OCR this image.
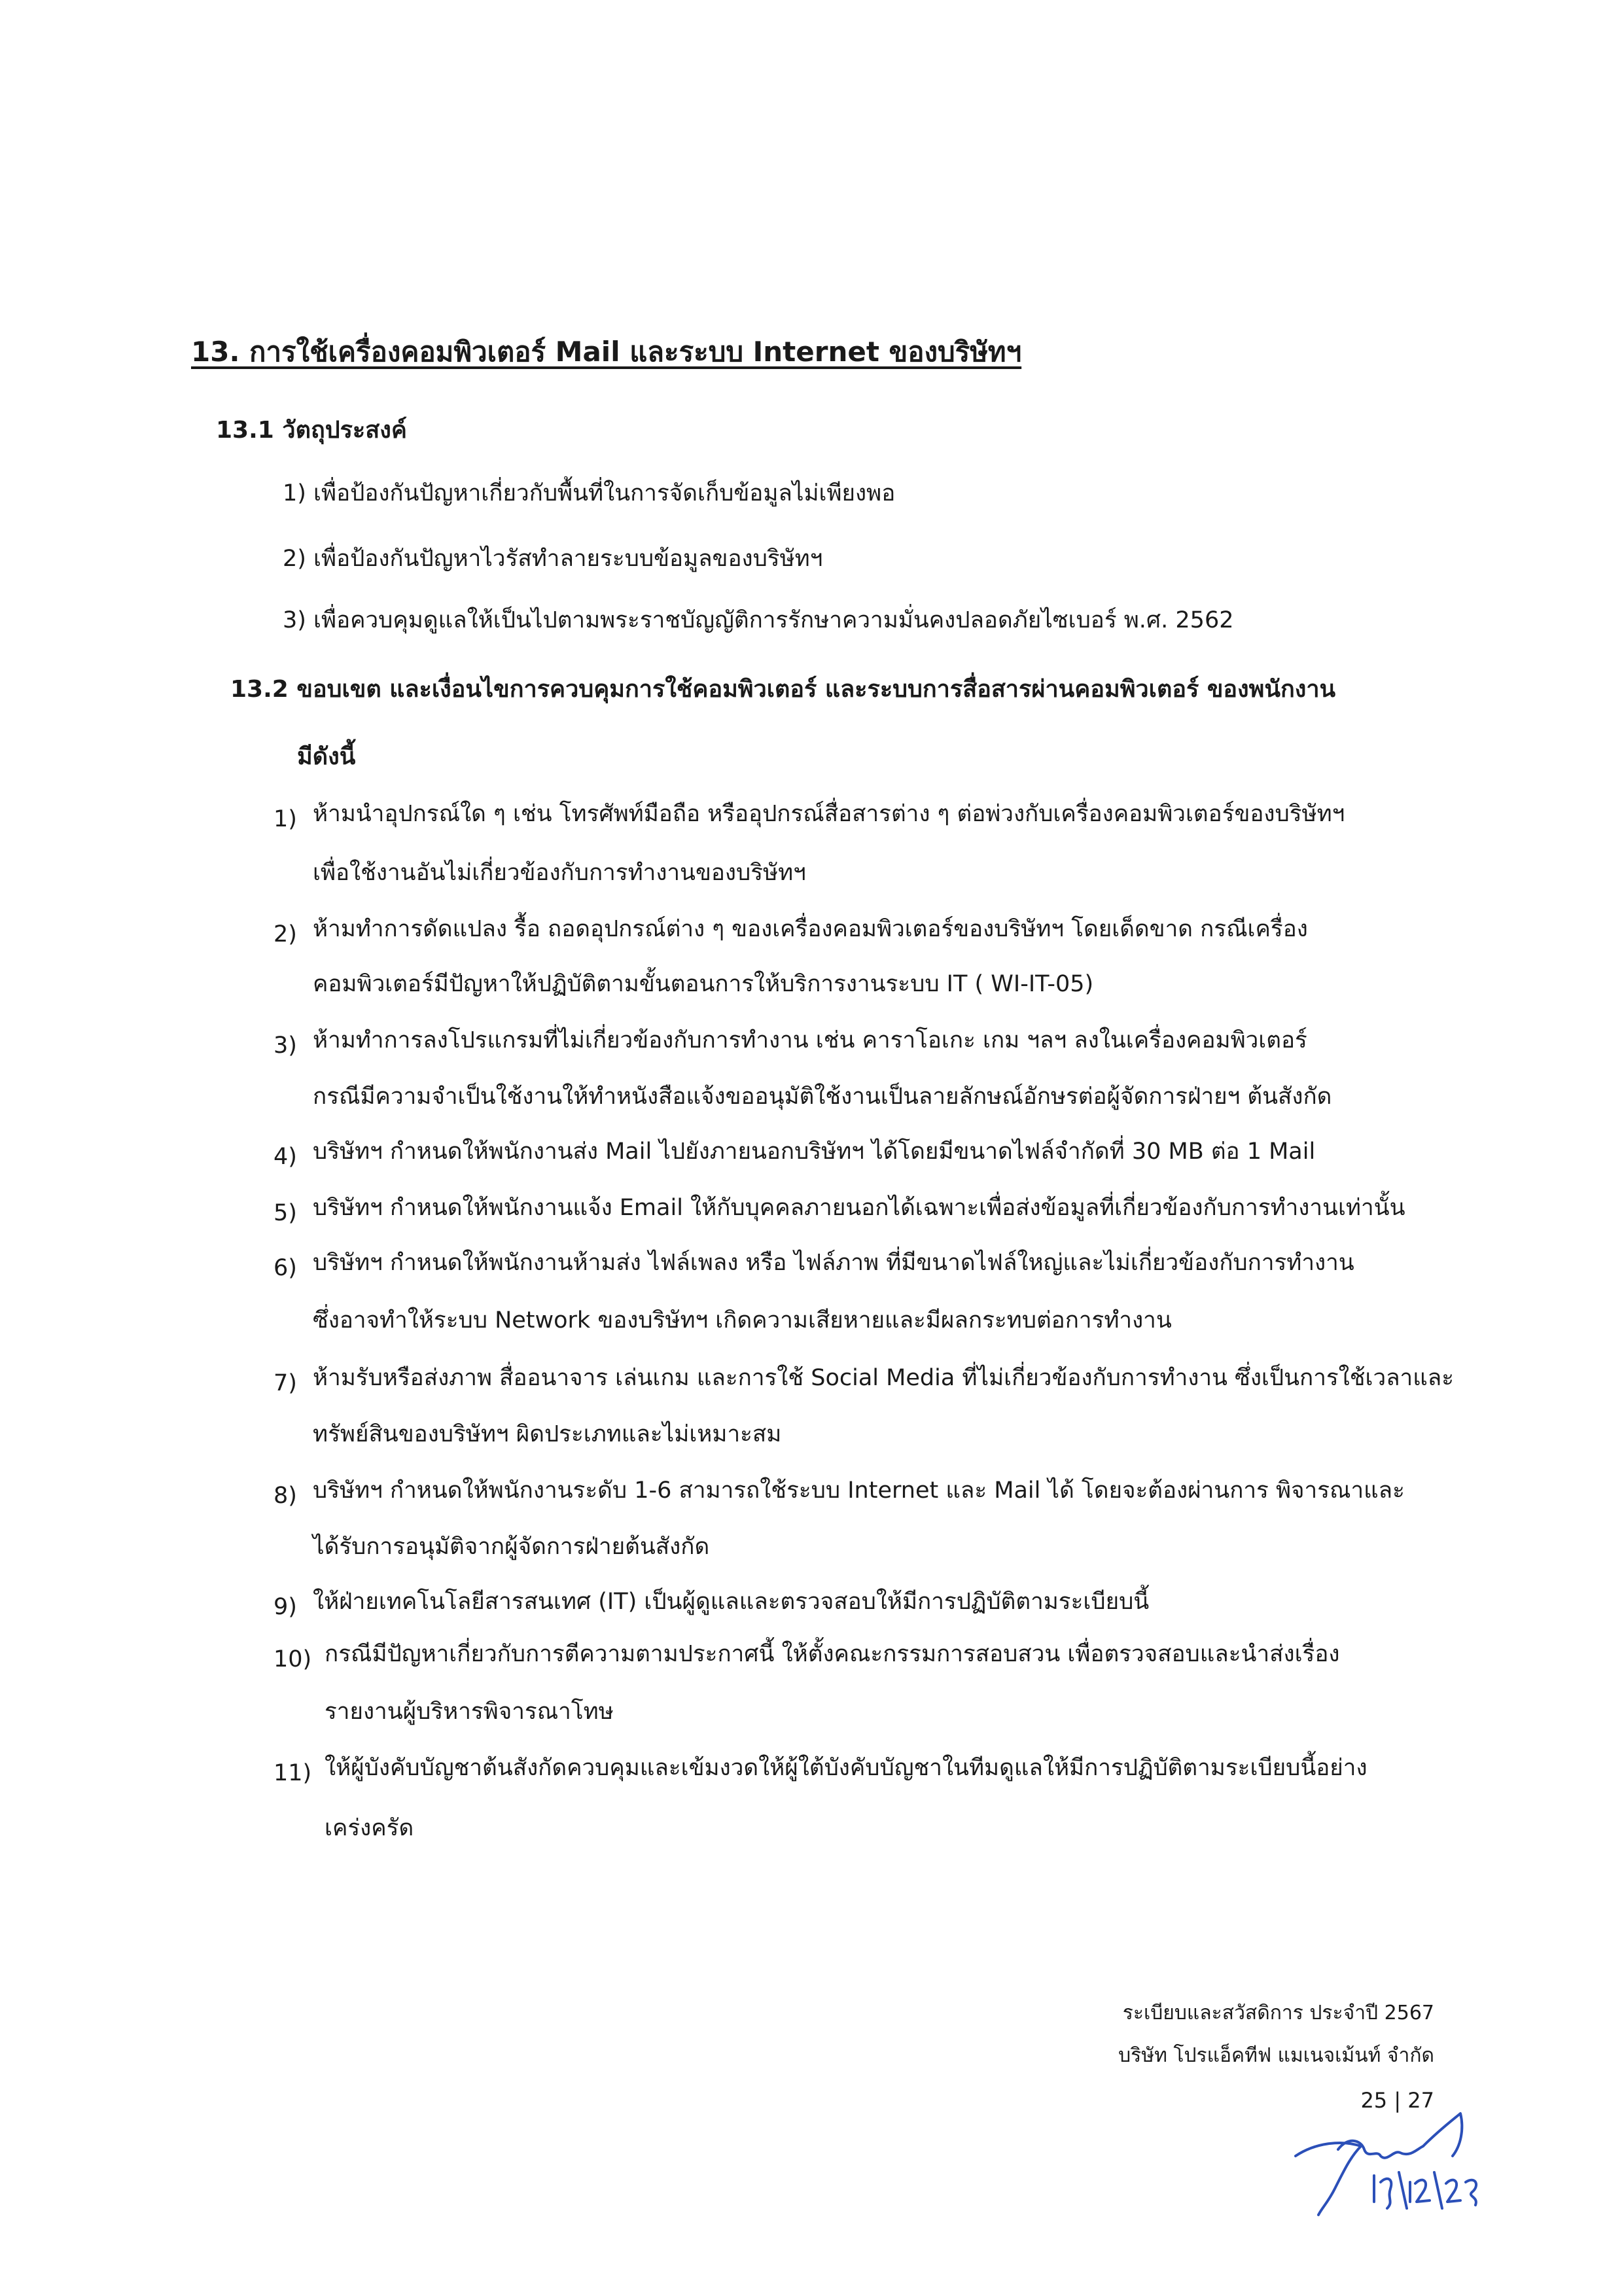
13. การใช้เครื่องคอมพิวเตอร์ Mail และระบบ Internet ของบริษัทฯ
13.1 วัตถุประสงค์
1) เพื่อป้องกันปัญหาเกี่ยวกับพื้นที่ในการจัดเก็บข้อมูลไม่เพียงพอ
2) เพื่อป้องกันปัญหาไวรัสทำลายระบบข้อมูลของบริษัทฯ
3) เพื่อควบคุมดูแลให้เป็นไปตามพระราชบัญญัติการรักษาความมั่นคงปลอดภัยไซเบอร์ พ.ศ. 2562
13.2 ขอบเขต และเงื่อนไขการควบคุมการใช้คอมพิวเตอร์ และระบบการสื่อสารผ่านคอมพิวเตอร์ ของพนักงาน
มีดังนี้
1) ห้ามนำอุปกรณ์ใด ๆ เช่น โทรศัพท์มือถือ หรืออุปกรณ์สื่อสารต่าง ๆ ต่อพ่วงกับเครื่องคอมพิวเตอร์ของบริษัทฯ
เพื่อใช้งานอันไม่เกี่ยวข้องกับการทำงานของบริษัทฯ
2) ห้ามทำการดัดแปลง รื้อ ถอดอุปกรณ์ต่าง ๆ ของเครื่องคอมพิวเตอร์ของบริษัทฯ โดยเด็ดขาด กรณีเครื่อง
คอมพิวเตอร์มีปัญหาให้ปฏิบัติตามขั้นตอนการให้บริการงานระบบ IT ( WI-IT-05)
3) ห้ามทำการลงโปรแกรมที่ไม่เกี่ยวข้องกับการทำงาน เช่น คาราโอเกะ เกม ฯลฯ ลงในเครื่องคอมพิวเตอร์
กรณีมีความจำเป็นใช้งานให้ทำหนังสือแจ้งขออนุมัติใช้งานเป็นลายลักษณ์อักษรต่อผู้จัดการฝ่ายฯ ต้นสังกัด
4) บริษัทฯ กำหนดให้พนักงานส่ง Mail ไปยังภายนอกบริษัทฯ ได้โดยมีขนาดไฟล์จำกัดที่ 30 MB ต่อ 1 Mail
5) บริษัทฯ กำหนดให้พนักงานแจ้ง Email ให้กับบุคคลภายนอกได้เฉพาะเพื่อส่งข้อมูลที่เกี่ยวข้องกับการทำงานเท่านั้น
6) บริษัทฯ กำหนดให้พนักงานห้ามส่ง ไฟล์เพลง หรือ ไฟล์ภาพ ที่มีขนาดไฟล์ใหญ่และไม่เกี่ยวข้องกับการทำงาน
ซึ่งอาจทำให้ระบบ Network ของบริษัทฯ เกิดความเสียหายและมีผลกระทบต่อการทำงาน
7) ห้ามรับหรือส่งภาพ สื่ออนาจาร เล่นเกม และการใช้ Social Media ที่ไม่เกี่ยวข้องกับการทำงาน ซึ่งเป็นการใช้เวลาและ
ทรัพย์สินของบริษัทฯ ผิดประเภทและไม่เหมาะสม
8) บริษัทฯ กำหนดให้พนักงานระดับ 1-6 สามารถใช้ระบบ Internet และ Mail ได้ โดยจะต้องผ่านการ พิจารณาและ
ได้รับการอนุมัติจากผู้จัดการฝ่ายต้นสังกัด
9) ให้ฝ่ายเทคโนโลยีสารสนเทศ (IT) เป็นผู้ดูแลและตรวจสอบให้มีการปฏิบัติตามระเบียบนี้
10) กรณีมีปัญหาเกี่ยวกับการตีความตามประกาศนี้ ให้ตั้งคณะกรรมการสอบสวน เพื่อตรวจสอบและนำส่งเรื่อง
รายงานผู้บริหารพิจารณาโทษ
11) ให้ผู้บังคับบัญชาต้นสังกัดควบคุมและเข้มงวดให้ผู้ใต้บังคับบัญชาในทีมดูแลให้มีการปฏิบัติตามระเบียบนี้อย่าง
เคร่งครัด
ระเบียบและสวัสดิการ ประจำปี 2567
บริษัท โปรแอ็คทีฟ แมเนจเม้นท์ จำกัด
25 | 27
